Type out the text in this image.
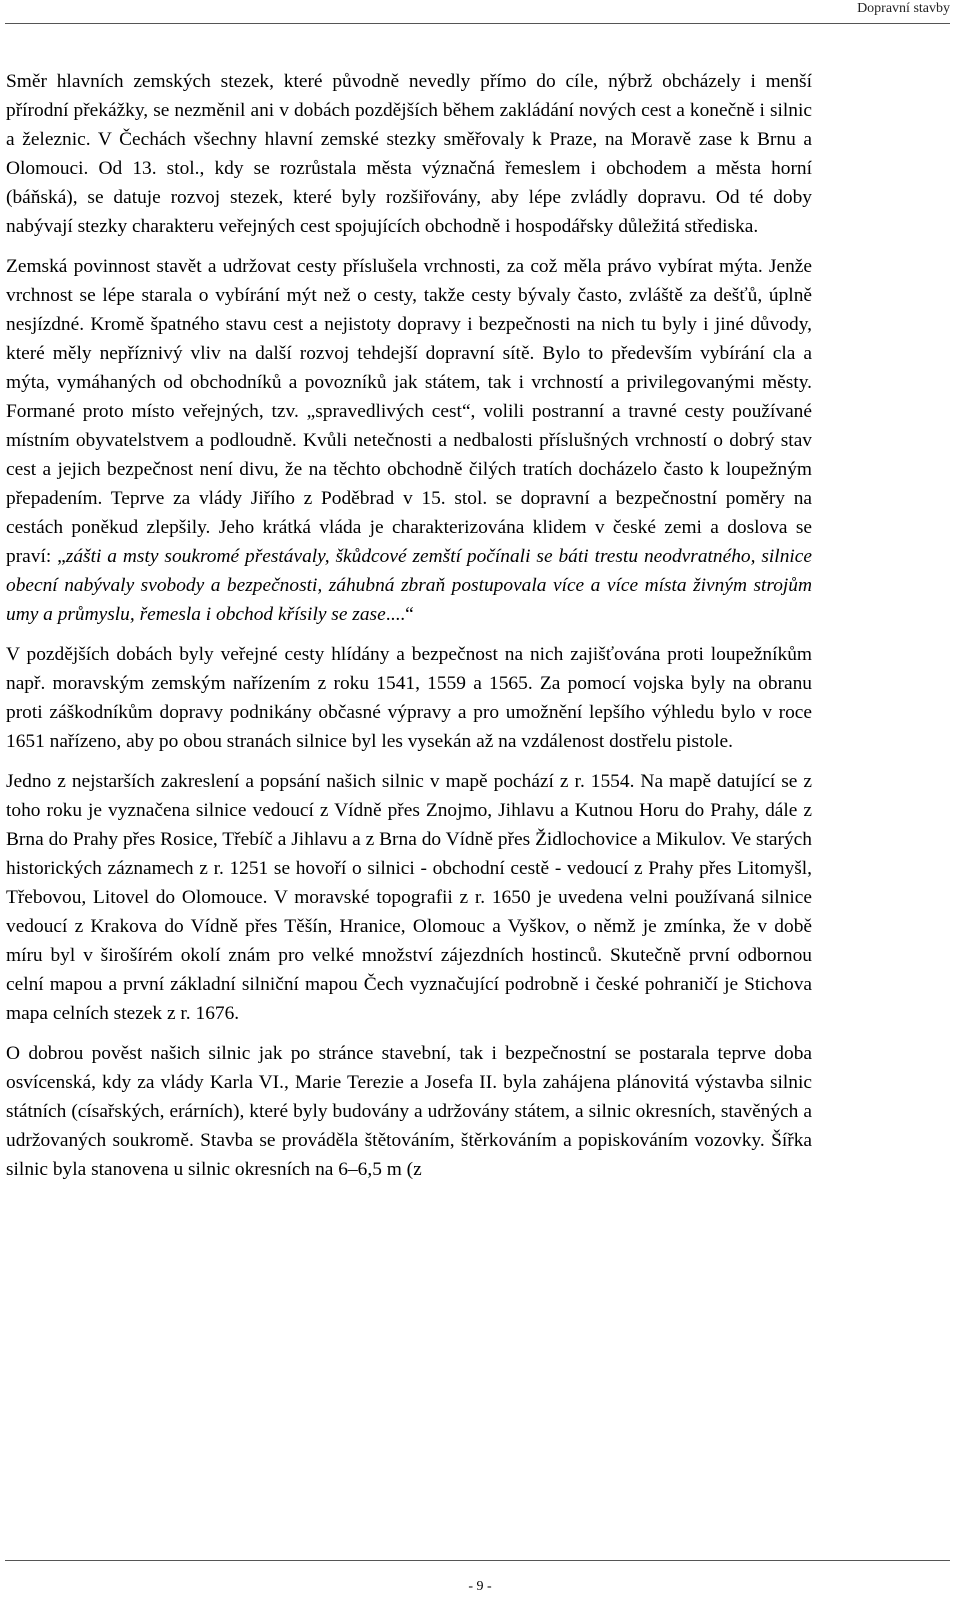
Dopravní stavby

Směr hlavních zemských stezek, které původně nevedly přímo do cíle, nýbrž obcházely i menší přírodní překážky, se nezměnil ani v dobách pozdějších během zakládání nových cest a konečně i silnic a železnic. V Čechách všechny hlavní zemské stezky směřovaly k Praze, na Moravě zase k Brnu a Olomouci. Od 13. stol., kdy se rozrůstala města význačná řemeslem i obchodem a města horní (báňská), se datuje rozvoj stezek, které byly rozšiřovány, aby lépe zvládly dopravu. Od té doby nabývají stezky charakteru veřejných cest spojujících obchodně i hospodářsky důležitá střediska.

Zemská povinnost stavět a udržovat cesty příslušela vrchnosti, za což měla právo vybírat mýta. Jenže vrchnost se lépe starala o vybírání mýt než o cesty, takže cesty bývaly často, zvláště za dešťů, úplně nesjízdné. Kromě špatného stavu cest a nejistoty dopravy i bezpečnosti na nich tu byly i jiné důvody, které měly nepříznivý vliv na další rozvoj tehdejší dopravní sítě. Bylo to především vybírání cla a mýta, vymáhaných od obchodníků a povozníků jak státem, tak i vrchností a privilegovanými městy. Formané proto místo veřejných, tzv. „spravedlivých cest“, volili postranní a travné cesty používané místním obyvatelstvem a podloudně. Kvůli netečnosti a nedbalosti příslušných vrchností o dobrý stav cest a jejich bezpečnost není divu, že na těchto obchodně čilých tratích docházelo často k loupežným přepadením. Teprve za vlády Jiřího z Poděbrad v 15. stol. se dopravní a bezpečnostní poměry na cestách poněkud zlepšily. Jeho krátká vláda je charakterizována klidem v české zemi a doslova se praví: „zášti a msty soukromé přestávaly, škůdcové zemští počínali se báti trestu neodvratného, silnice obecní nabývaly svobody a bezpečnosti, záhubná zbraň postupovala více a více místa živným strojům umy a průmyslu, řemesla i obchod křísily se zase....“

V pozdějších dobách byly veřejné cesty hlídány a bezpečnost na nich zajišťována proti loupežníkům např. moravským zemským nařízením z roku 1541, 1559 a 1565. Za pomocí vojska byly na obranu proti záškodníkům dopravy podnikány občasné výpravy a pro umožnění lepšího výhledu bylo v roce 1651 nařízeno, aby po obou stranách silnice byl les vysekán až na vzdálenost dostřelu pistole.

Jedno z nejstarších zakreslení a popsání našich silnic v mapě pochází z r. 1554. Na mapě datující se z toho roku je vyznačena silnice vedoucí z Vídně přes Znojmo, Jihlavu a Kutnou Horu do Prahy, dále z Brna do Prahy přes Rosice, Třebíč a Jihlavu a z Brna do Vídně přes Židlochovice a Mikulov. Ve starých historických záznamech z r. 1251 se hovoří o silnici - obchodní cestě - vedoucí z Prahy přes Litomyšl, Třebovou, Litovel do Olomouce. V moravské topografii z r. 1650 je uvedena velni používaná silnice vedoucí z Krakova do Vídně přes Těšín, Hranice, Olomouc a Vyškov, o němž je zmínka, že v době míru byl v širošírém okolí znám pro velké množství zájezdních hostinců. Skutečně první odbornou celní mapou a první základní silniční mapou Čech vyznačující podrobně i české pohraničí je Stichova mapa celních stezek z r. 1676.

O dobrou pověst našich silnic jak po stránce stavební, tak i bezpečnostní se postarala teprve doba osvícenská, kdy za vlády Karla VI., Marie Terezie a Josefa II. byla zahájena plánovitá výstavba silnic státních (císařských, erárních), které byly budovány a udržovány státem, a silnic okresních, stavěných a udržovaných soukromě. Stavba se prováděla štětováním, štěrkováním a popiskováním vozovky. Šířka silnic byla stanovena u silnic okresních na 6–6,5 m (z

- 9 -
